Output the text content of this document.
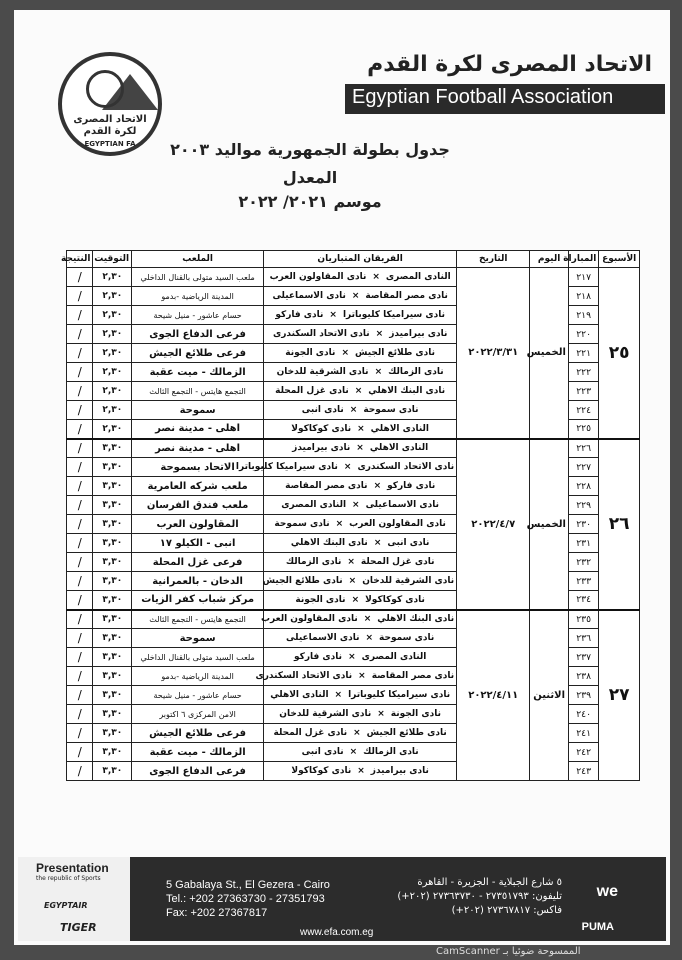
الاتحاد المصرى
لكرة القدم
EGYPTIAN FA
الاتحاد المصرى لكرة القدم
Egyptian Football Association
جدول بطولة الجمهورية مواليد ٢٠٠٣
المعدل
موسم ٢٠٢١/ ٢٠٢٢
الأسبوع	المباراة	اليوم	التاريخ	الفريقان المتباريان	الملعب	التوقيت	النتيجة
٢٥	٢١٧	الخميس	٢٠٢٢/٣/٣١	النادى المصرى×نادى المقاولون العرب	ملعب السيد متولى بالقنال الداخلي	٢,٣٠	/
	٢١٨			نادى مصر المقاصة×نادى الاسماعيلى	المدينة الرياضية -بدمو	٢,٣٠	/
	٢١٩			نادى سيراميكا كليوباترا×نادى فاركو	حسام عاشور - منيل شيحة	٢,٣٠	/
	٢٢٠			نادى بيراميدز×نادى الاتحاد السكندرى	فرعى الدفاع الجوى	٢,٣٠	/
	٢٢١			نادى طلائع الجيش×نادى الجونة	فرعى طلائع الجيش	٢,٣٠	/
	٢٢٢			نادى الزمالك×نادى الشرقية للدخان	الزمالك - ميت عقبة	٢,٣٠	/
	٢٢٣			نادى البنك الاهلي×نادى غزل المحلة	التجمع هايتس - التجمع الثالث	٢,٣٠	/
	٢٢٤			نادى سموحة×نادى انبى	سموحة	٢,٣٠	/
	٢٢٥			النادى الاهلي×نادى كوكاكولا	اهلى - مدينة نصر	٢,٣٠	/
٢٦	٢٢٦	الخميس	٢٠٢٢/٤/٧	النادى الاهلي×نادى بيراميدز	اهلى - مدينة نصر	٣,٣٠	/
	٢٢٧			نادى الاتحاد السكندرى×نادى سيراميكا كليوباترا	الاتحاد بسموحة	٣,٣٠	/
	٢٢٨			نادى فاركو×نادى مصر المقاصة	ملعب شركه العامرية	٣,٣٠	/
	٢٢٩			نادى الاسماعيلى×النادى المصرى	ملعب فندق الفرسان	٣,٣٠	/
	٢٣٠			نادى المقاولون العرب×نادى سموحة	المقاولون العرب	٣,٣٠	/
	٢٣١			نادى انبى×نادى البنك الاهلي	انبى - الكيلو ١٧	٣,٣٠	/
	٢٣٢			نادى غزل المحلة×نادى الزمالك	فرعى غزل المحلة	٣,٣٠	/
	٢٣٣			نادى الشرقية للدخان×نادى طلائع الجيش	الدخان - بالعمرانية	٣,٣٠	/
	٢٣٤			نادى كوكاكولا×نادى الجونة	مركز شباب كفر الزيات	٣,٣٠	/
٢٧	٢٣٥	الاثنين	٢٠٢٢/٤/١١	نادى البنك الاهلي×نادى المقاولون العرب	التجمع هايتس - التجمع الثالث	٣,٣٠	/
	٢٣٦			نادى سموحة×نادى الاسماعيلى	سموحة	٣,٣٠	/
	٢٣٧			النادى المصرى×نادى فاركو	ملعب السيد متولى بالقنال الداخلي	٣,٣٠	/
	٢٣٨			نادى مصر المقاصة×نادى الاتحاد السكندرى	المدينة الرياضية -بدمو	٣,٣٠	/
	٢٣٩			نادى سيراميكا كليوباترا×النادى الاهلي	حسام عاشور - منيل شيحة	٣,٣٠	/
	٢٤٠			نادى الجونة×نادى الشرقية للدخان	الامن المركزى ٦ اكتوبر	٣,٣٠	/
	٢٤١			نادى طلائع الجيش×نادى غزل المحلة	فرعى طلائع الجيش	٣,٣٠	/
	٢٤٢			نادى الزمالك×نادى انبى	الزمالك - ميت عقبة	٣,٣٠	/
	٢٤٣			نادى بيراميدز×نادى كوكاكولا	فرعى الدفاع الجوى	٣,٣٠	/
Presentation
the republic of Sports
EGYPTAIR
TIGER
5 Gabalaya St., El Gezera - Cairo
Tel.: +202 27363730 - 27351793
Fax: +202 27367817
٥ شارع الجبلاية - الجزيرة - القاهرة
تليفون: ٢٧٣٥١٧٩٣ - ٢٧٣٦٣٧٣٠ (٢٠٢+)
فاكس: ٢٧٣٦٧٨١٧ (٢٠٢+)
www.efa.com.eg
we
PUMA
الممسوحة ضوئيا بـ CamScanner
